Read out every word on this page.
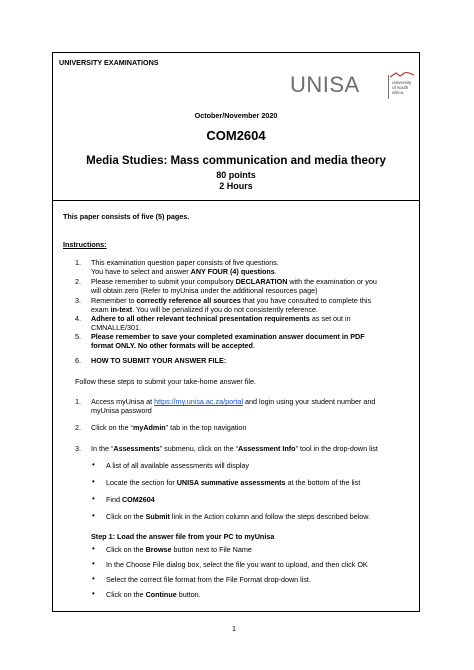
UNIVERSITY EXAMINATIONS
UNISA	university
of south africa
October/November 2020
COM2604
Media Studies: Mass communication and media theory
80 points
2 Hours
This paper consists of five (5) pages.
Instructions:
1. This examination question paper consists of five questions.
You have to select and answer ANY FOUR (4) questions.
2. Please remember to submit your compulsory DECLARATION with the examination or you
will obtain zero (Refer to myUnisa under the additional resources page)
3. Remember to correctly reference all sources that you have consulted to complete this
exam in-text. You will be penalized if you do not consistently reference.
4. Adhere to all other relevant technical presentation requirements as set out in
CMNALLE/301.
5. Please remember to save your completed examination answer document in PDF
format ONLY. No other formats will be accepted.
6. HOW TO SUBMIT YOUR ANSWER FILE:
Follow these steps to submit your take-home answer file.
1. Access myUnisa at https://my.unisa.ac.za/portal and login using your student number and
myUnisa password
2. Click on the “myAdmin” tab in the top navigation
3. In the “Assessments” submenu, click on the “Assessment Info” tool in the drop-down list
• A list of all available assessments will display
• Locate the section for UNISA summative assessments at the bottom of the list
• Find COM2604
• Click on the Submit link in the Action column and follow the steps described below.
Step 1: Load the answer file from your PC to myUnisa
• Click on the Browse button next to File Name
• In the Choose File dialog box, select the file you want to upload, and then click OK
• Select the correct file format from the File Format drop-down list.
• Click on the Continue button.
1
